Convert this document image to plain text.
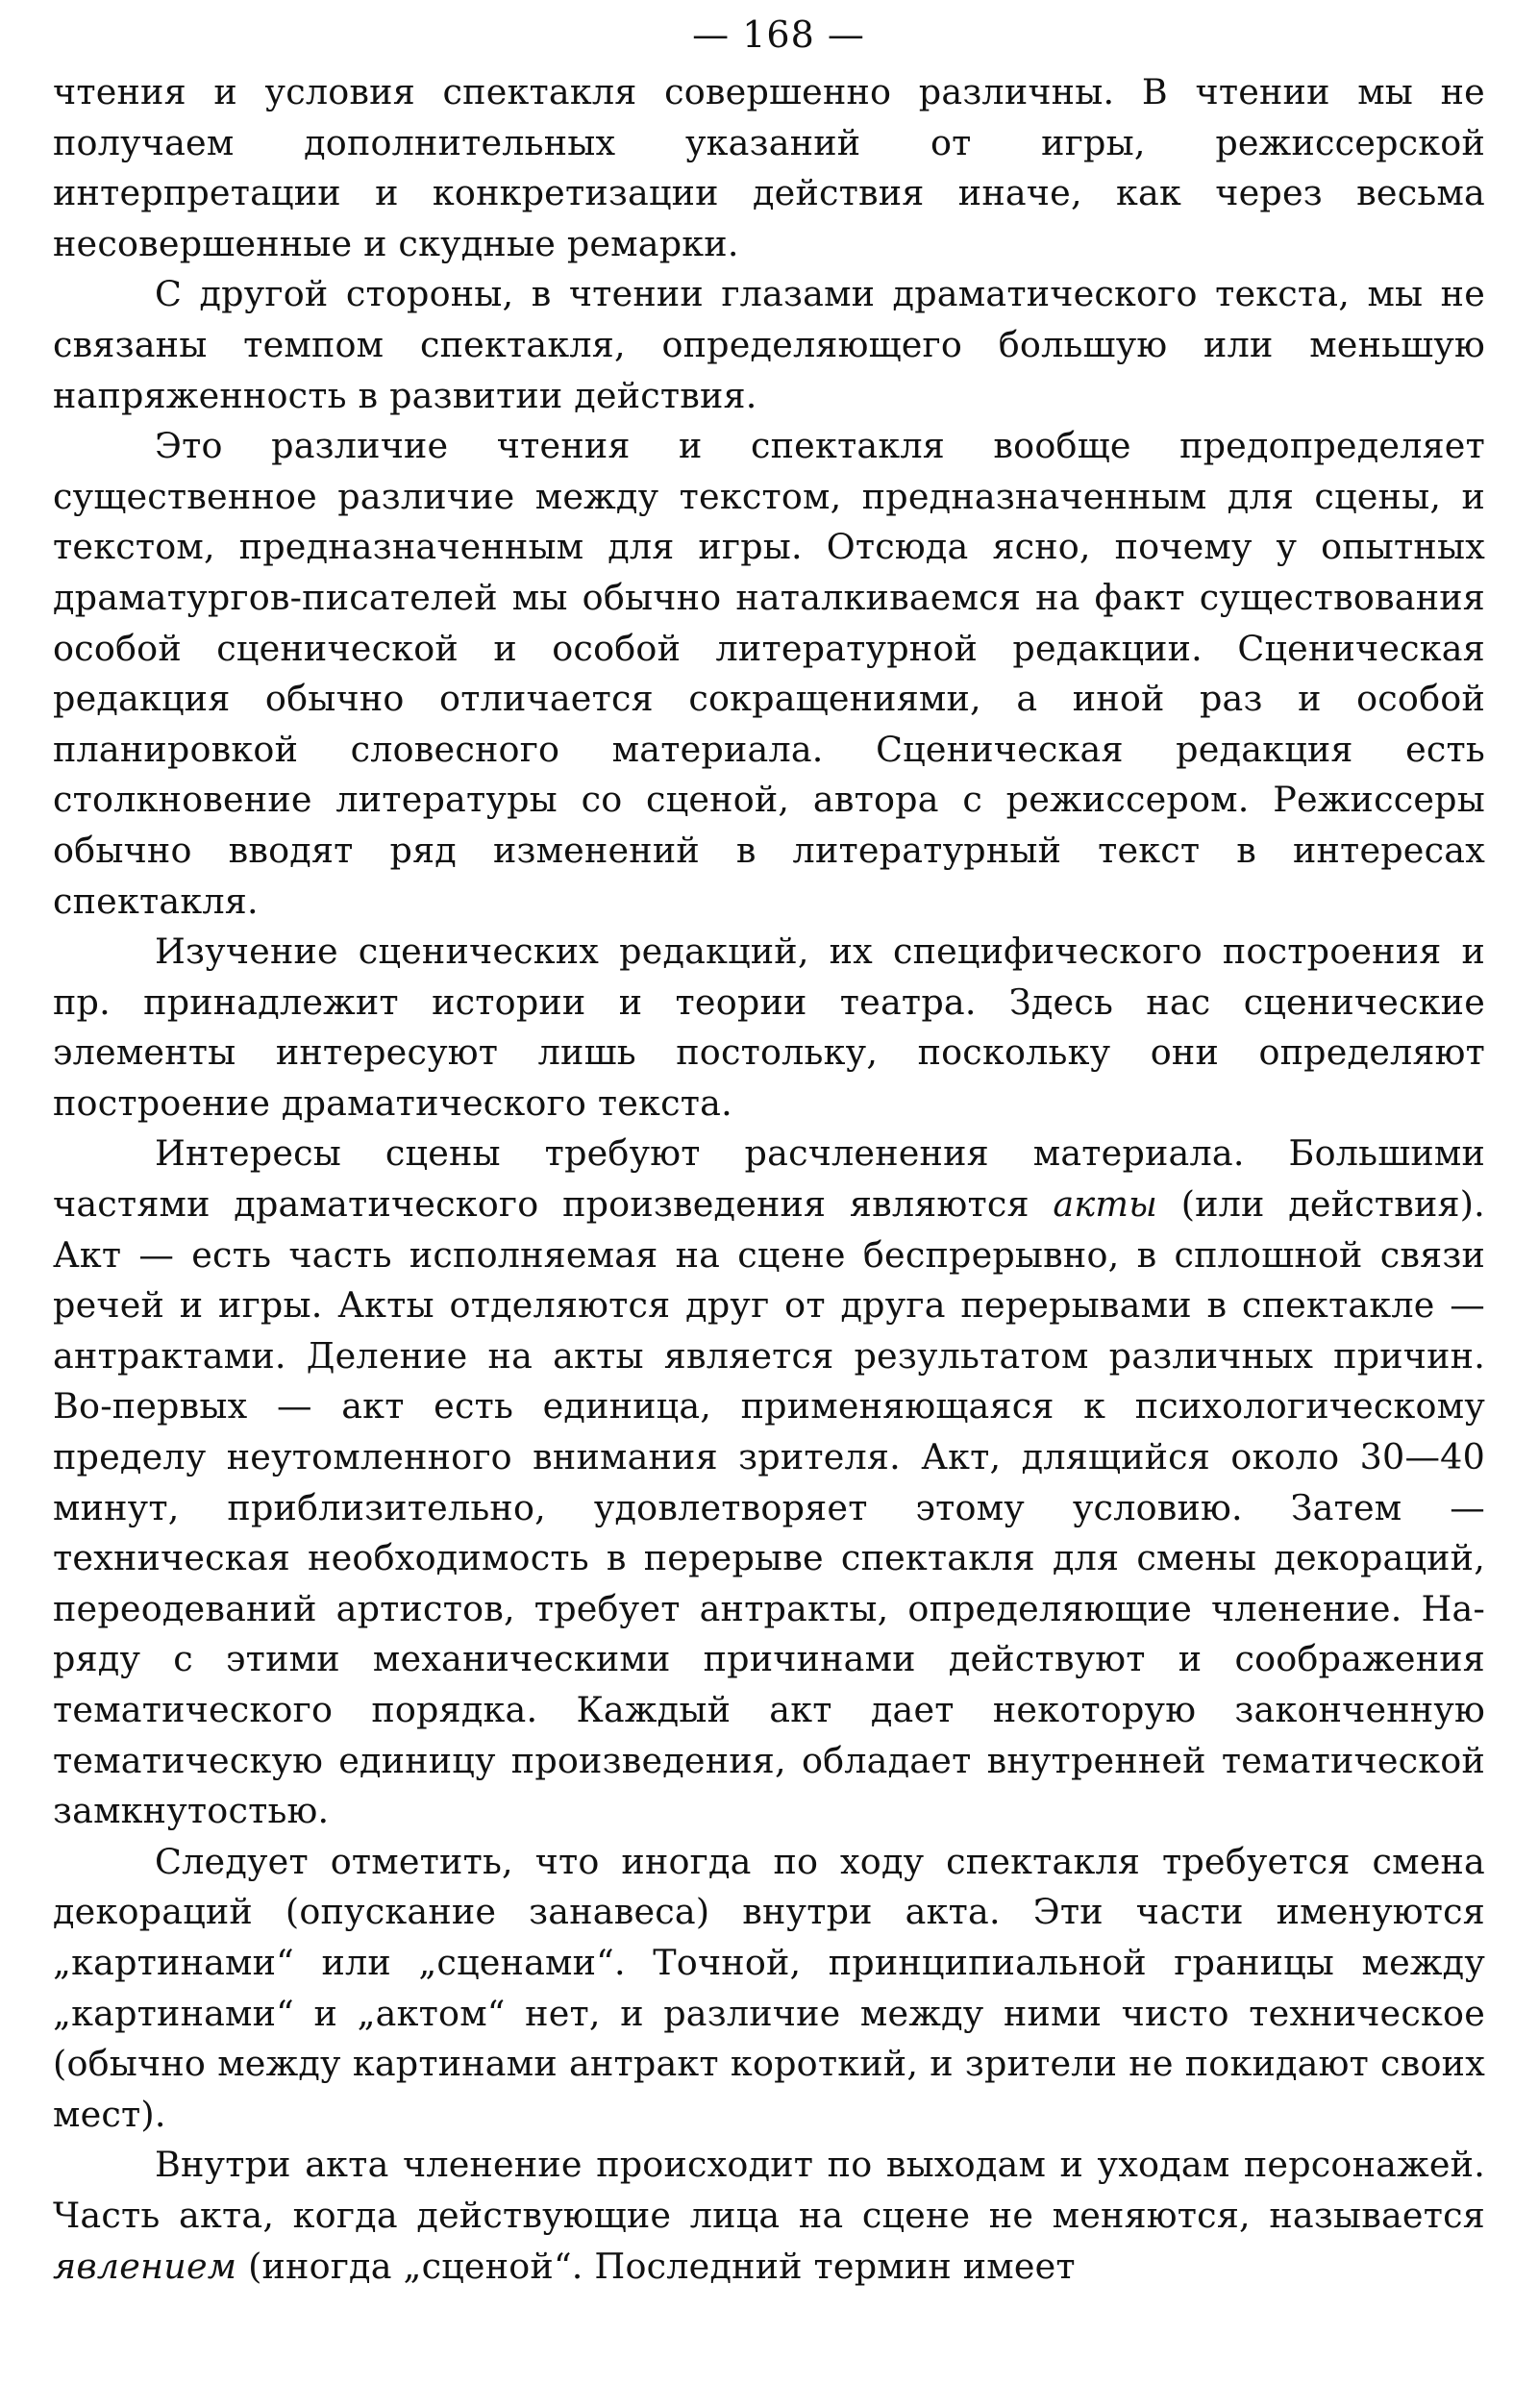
— 168 —

чтения и условия спектакля совершенно различны. В чтении мы не получаем дополнительных указаний от игры, режиссерской интерпретации и конкретизации действия иначе, как через весьма несовершенные и скудные ремарки.

С другой стороны, в чтении глазами драматического текста, мы не связаны темпом спектакля, определяющего большую или меньшую напряженность в развитии действия.

Это различие чтения и спектакля вообще предопределяет существенное различие между текстом, предназначенным для сцены, и текстом, предназначенным для игры. Отсюда ясно, почему у опытных драматургов-писателей мы обычно наталкиваемся на факт существования особой сценической и особой литературной редакции. Сценическая редакция обычно отличается сокращениями, а иной раз и особой планировкой словесного материала. Сценическая редакция есть столкновение литературы со сценой, автора с режиссером. Режиссеры обычно вводят ряд изменений в литературный текст в интересах спектакля.

Изучение сценических редакций, их специфического построения и пр. принадлежит истории и теории театра. Здесь нас сценические элементы интересуют лишь постольку, поскольку они определяют построение драматического текста.

Интересы сцены требуют расчленения материала. Большими частями драматического произведения являются акты (или действия). Акт — есть часть исполняемая на сцене беспрерывно, в сплошной связи речей и игры. Акты отделяются друг от друга перерывами в спектакле — антрактами. Деление на акты является результатом различных причин. Во-первых — акт есть единица, применяющаяся к психологическому пределу неутомленного внимания зрителя. Акт, длящийся около 30—40 минут, приблизительно, удовлетворяет этому условию. Затем — техническая необходимость в перерыве спектакля для смены декораций, переодеваний артистов, требует антракты, определяющие членение. На-ряду с этими механическими причинами действуют и соображения тематического порядка. Каждый акт дает некоторую законченную тематическую единицу произведения, обладает внутренней тематической замкнутостью.

Следует отметить, что иногда по ходу спектакля требуется смена декораций (опускание занавеса) внутри акта. Эти части именуются „картинами“ или „сценами“. Точной, принципиальной границы между „картинами“ и „актом“ нет, и различие между ними чисто техническое (обычно между картинами антракт короткий, и зрители не покидают своих мест).

Внутри акта членение происходит по выходам и уходам персонажей. Часть акта, когда действующие лица на сцене не меняются, называется явлением (иногда „сценой“. Последний термин имеет
